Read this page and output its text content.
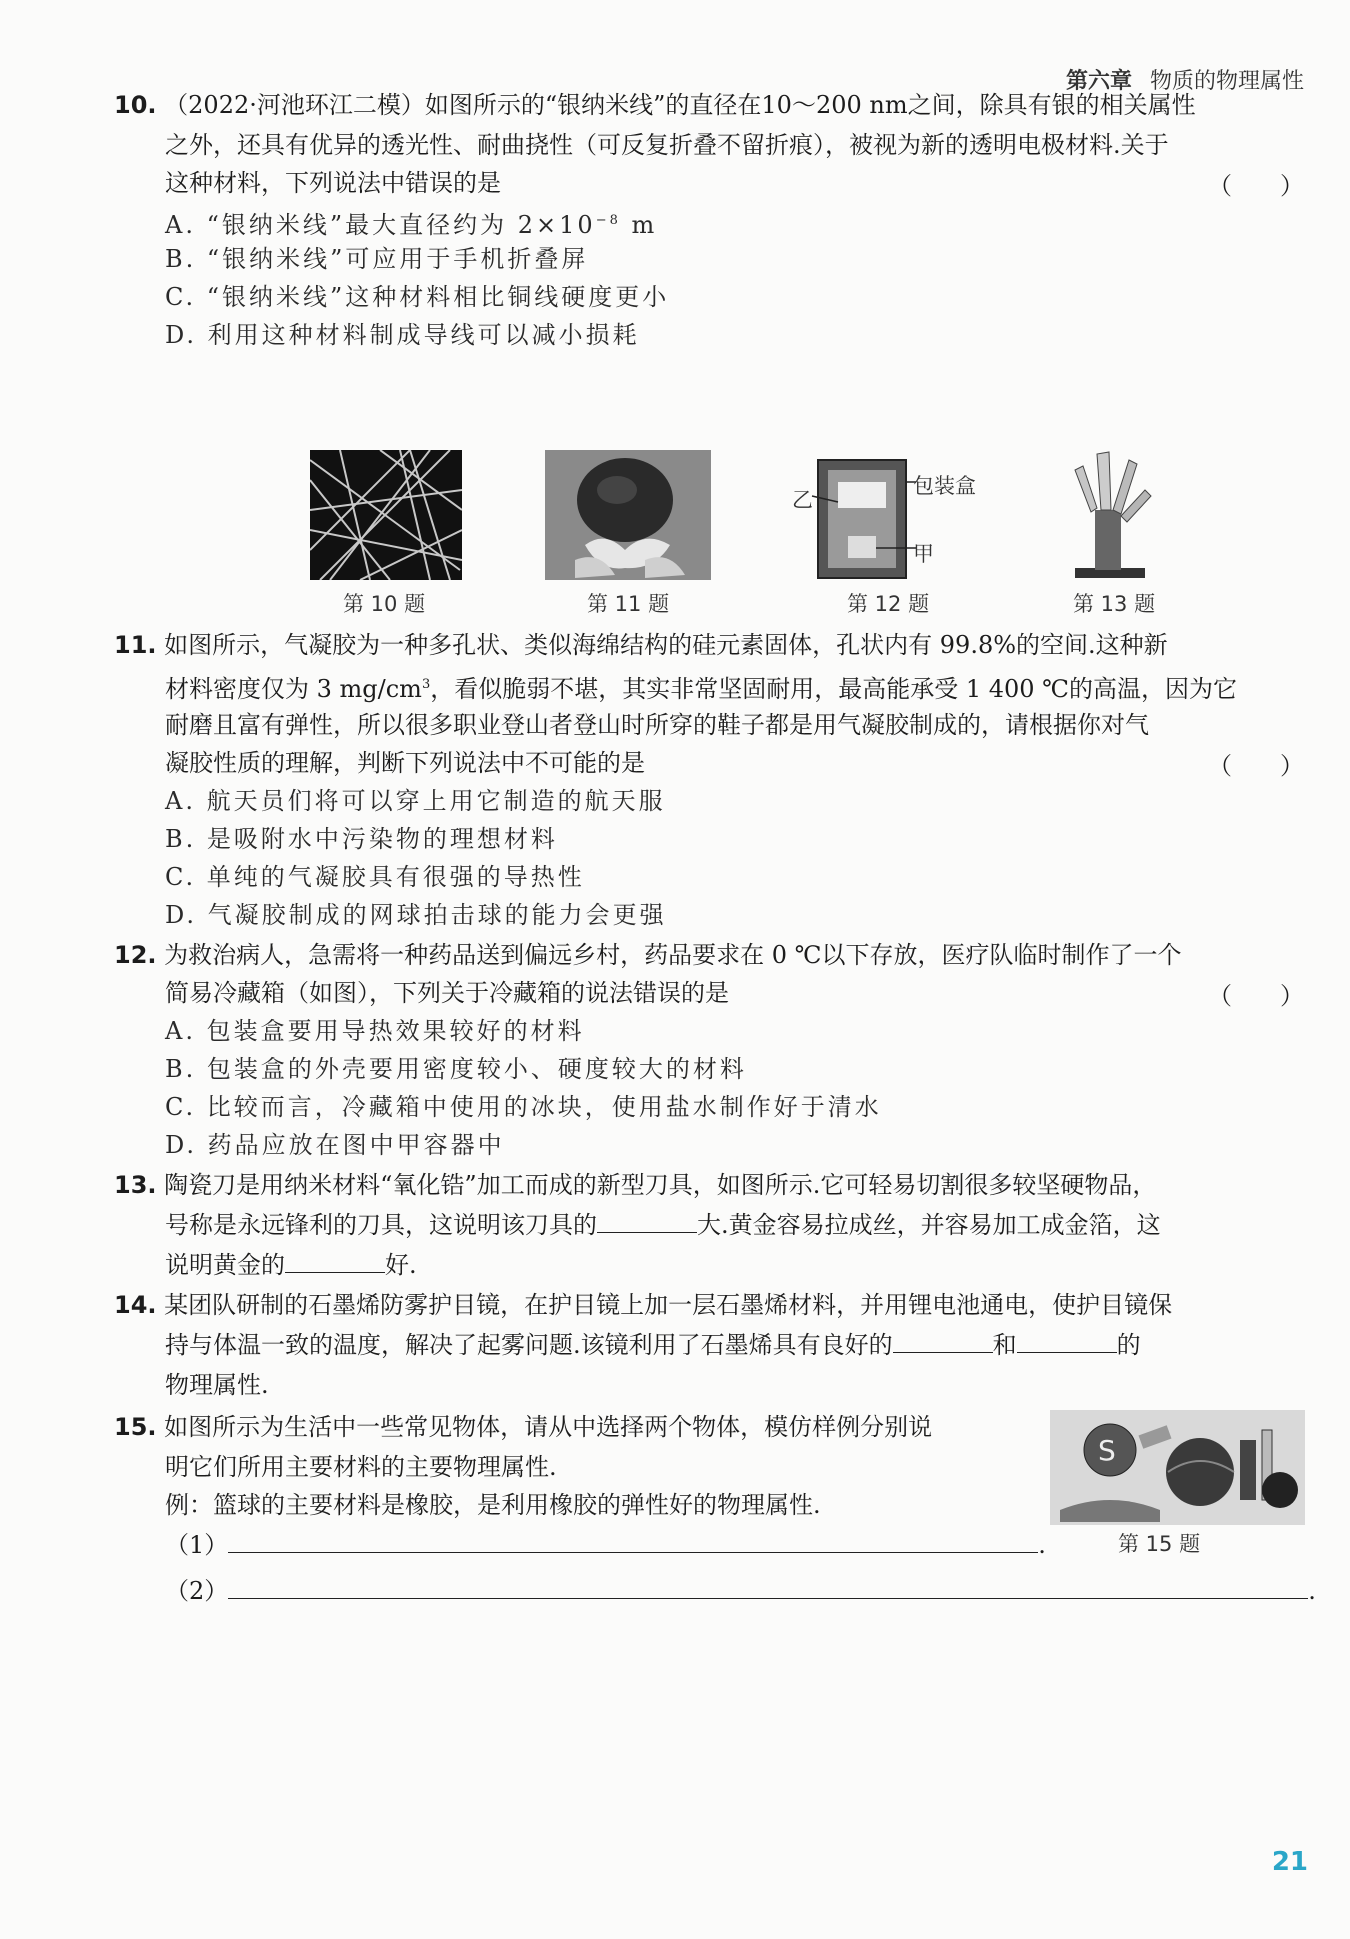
第六章 物质的物理属性
10. （2022·河池环江二模）如图所示的“银纳米线”的直径在10～200 nm之间，除具有银的相关属性
之外，还具有优异的透光性、耐曲挠性（可反复折叠不留折痕），被视为新的透明电极材料.关于
这种材料，下列说法中错误的是	（　　）
A. “银纳米线”最大直径约为 $2\times 10^{-8}$ m
B. “银纳米线”可应用于手机折叠屏
C. “银纳米线”这种材料相比铜线硬度更小
D. 利用这种材料制成导线可以减小损耗
第 10 题	第 11 题
包装盒
乙
甲
第 12 题	第 13 题
11. 如图所示，气凝胶为一种多孔状、类似海绵结构的硅元素固体，孔状内有 99.8%的空间.这种新
材料密度仅为 3 $mg/cm^3$，看似脆弱不堪，其实非常坚固耐用，最高能承受 1 400 ℃的高温，因为它
耐磨且富有弹性，所以很多职业登山者登山时所穿的鞋子都是用气凝胶制成的，请根据你对气
凝胶性质的理解，判断下列说法中不可能的是	（　　）
A. 航天员们将可以穿上用它制造的航天服
B. 是吸附水中污染物的理想材料
C. 单纯的气凝胶具有很强的导热性
D. 气凝胶制成的网球拍击球的能力会更强
12. 为救治病人，急需将一种药品送到偏远乡村，药品要求在 0 ℃以下存放，医疗队临时制作了一个
简易冷藏箱（如图），下列关于冷藏箱的说法错误的是	（　　）
A. 包装盒要用导热效果较好的材料
B. 包装盒的外壳要用密度较小、硬度较大的材料
C. 比较而言，冷藏箱中使用的冰块，使用盐水制作好于清水
D. 药品应放在图中甲容器中
13. 陶瓷刀是用纳米材料“氧化锆”加工而成的新型刀具，如图所示.它可轻易切割很多较坚硬物品，
号称是永远锋利的刀具，这说明该刀具的	大.黄金容易拉成丝，并容易加工成金箔，这
说明黄金的	好.
14. 某团队研制的石墨烯防雾护目镜，在护目镜上加一层石墨烯材料，并用锂电池通电，使护目镜保
持与体温一致的温度，解决了起雾问题.该镜利用了石墨烯具有良好的	和	的
物理属性.
15. 如图所示为生活中一些常见物体，请从中选择两个物体，模仿样例分别说
明它们所用主要材料的主要物理属性.
例：篮球的主要材料是橡胶，是利用橡胶的弹性好的物理属性.
（1）	.
（2）	.
S
第 15 题
21
